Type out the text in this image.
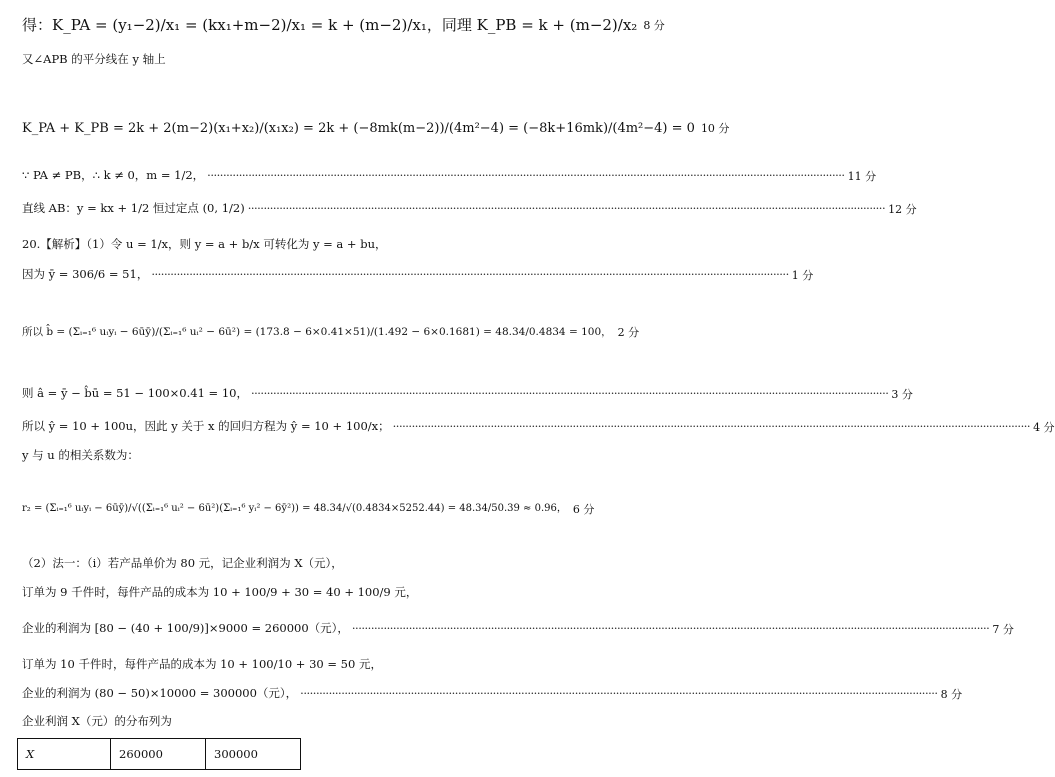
得：K_PA = (y₁−2)/x₁ = (kx₁+m−2)/x₁ = k + (m−2)/x₁，同理 K_PB = k + (m−2)/x₂ 8 分
又∠APB 的平分线在 y 轴上
K_PA + K_PB = 2k + 2(m−2)(x₁+x₂)/(x₁x₂) = 2k + (−8mk(m−2))/(4m²−4) = (−8k+16mk)/(4m²−4) = 0 10 分
∵ PA ≠ PB，∴ k ≠ 0，m = 1/2， ·····	11 分
直线 AB：y = kx + 1/2 恒过定点 (0, 1/2) ·····	12 分
20.【解析】（1）令 u = 1/x，则 y = a + b/x 可转化为 y = a + bu，
因为 ȳ = 306/6 = 51， ·····	1 分
所以 b̂ = (Σᵢ₌₁⁶ uᵢyᵢ − 6ūȳ)/(Σᵢ₌₁⁶ uᵢ² − 6ū²) = (173.8 − 6×0.41×51)/(1.492 − 6×0.1681) = 48.34/0.4834 = 100， 2 分
则 â = ȳ − b̂ū = 51 − 100×0.41 = 10， ·····	3 分
所以 ŷ = 10 + 100u，因此 y 关于 x 的回归方程为 ŷ = 10 + 100/x； ·····	4 分
y 与 u 的相关系数为：
r₂ = (Σᵢ₌₁⁶ uᵢyᵢ − 6ūȳ)/√((Σᵢ₌₁⁶ uᵢ² − 6ū²)(Σᵢ₌₁⁶ yᵢ² − 6ȳ²)) = 48.34/√(0.4834×5252.44) = 48.34/50.39 ≈ 0.96， 6 分
（2）法一：（i）若产品单价为 80 元，记企业利润为 X（元），
订单为 9 千件时，每件产品的成本为 10 + 100/9 + 30 = 40 + 100/9 元，
企业的利润为 [80 − (40 + 100/9)]×9000 = 260000（元）， ·····	7 分
订单为 10 千件时，每件产品的成本为 10 + 100/10 + 30 = 50 元，
企业的利润为 (80 − 50)×10000 = 300000（元）， ·····	8 分
企业利润 X（元）的分布列为
X	260000	300000
